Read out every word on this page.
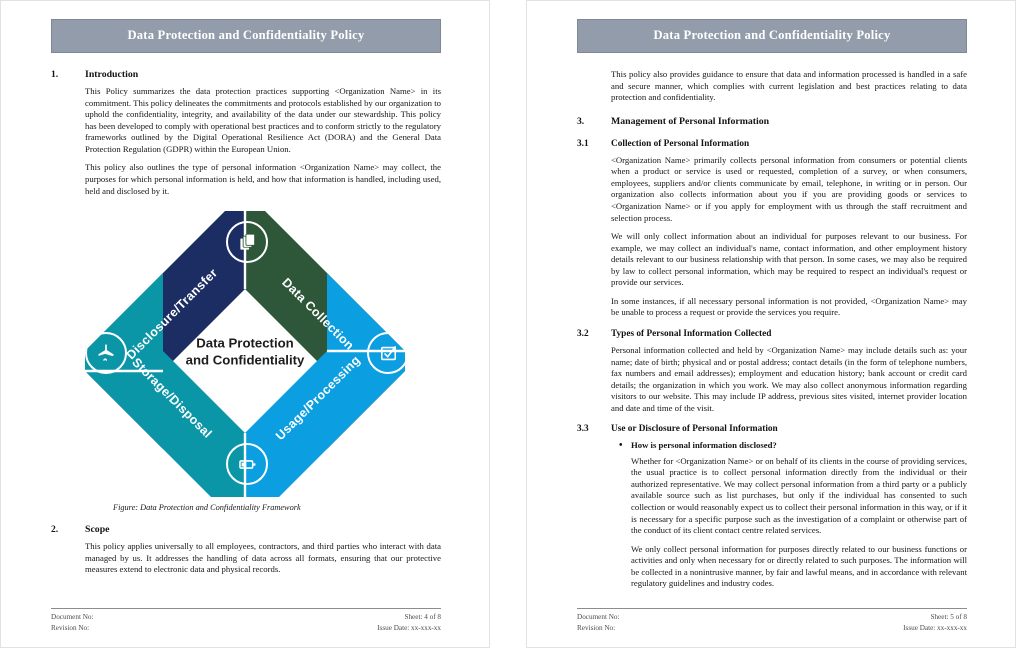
Data Protection and Confidentiality Policy
1.	Introduction

This Policy summarizes the data protection practices supporting <Organization Name> in its commitment. This policy delineates the commitments and protocols established by our organization to uphold the confidentiality, integrity, and availability of the data under our stewardship. This policy has been developed to comply with operational best practices and to conform strictly to the regulatory frameworks outlined by the Digital Operational Resilience Act (DORA) and the General Data Protection Regulation (GDPR) within the European Union.

This policy also outlines the type of personal information <Organization Name> may collect, the purposes for which personal information is held, and how that information is handled, including used, held and disclosed by it.

Disclosure/Transfer	Data Collection
Usage/Processing
Storage/Disposal
Data Protection
and Confidentiality
Figure: Data Protection and Confidentiality Framework
2.	Scope

This policy applies universally to all employees, contractors, and third parties who interact with data managed by us. It addresses the handling of data across all formats, ensuring that our protective measures extend to electronic data and physical records.

Document No:
Revision No:
Sheet: 4 of 8
Issue Date: xx-xxx-xx
Data Protection and Confidentiality Policy

This policy also provides guidance to ensure that data and information processed is handled in a safe and secure manner, which complies with current legislation and best practices relating to data protection and confidentiality.

3.	Management of Personal Information
3.1	Collection of Personal Information

<Organization Name> primarily collects personal information from consumers or potential clients when a product or service is used or requested, completion of a survey, or when consumers, employees, suppliers and/or clients communicate by email, telephone, in writing or in person. Our organization also collects information about you if you are providing goods or services to <Organization Name> or if you apply for employment with us through the staff recruitment and selection process.

We will only collect information about an individual for purposes relevant to our business. For example, we may collect an individual's name, contact information, and other employment history details relevant to our business relationship with that person. In some cases, we may also be required by law to collect personal information, which may be required to respect an individual's request or provide our services.

In some instances, if all necessary personal information is not provided, <Organization Name> may be unable to process a request or provide the services you require.

3.2	Types of Personal Information Collected

Personal information collected and held by <Organization Name> may include details such as: your name; date of birth; physical and or postal address; contact details (in the form of telephone numbers, fax numbers and email addresses); employment and education history; bank account or credit card details; the organization in which you work. We may also collect anonymous information regarding visitors to our website. This may include IP address, previous sites visited, internet provider location and date and time of the visit.

3.3	Use or Disclosure of Personal Information
• How is personal information disclosed?

Whether for <Organization Name> or on behalf of its clients in the course of providing services, the usual practice is to collect personal information directly from the individual or their authorized representative. We may collect personal information from a third party or a publicly available source such as list purchases, but only if the individual has consented to such collection or would reasonably expect us to collect their personal information in this way, or if it is necessary for a specific purpose such as the investigation of a complaint or otherwise part of the conduct of its client contact centre related services.

We only collect personal information for purposes directly related to our business functions or activities and only when necessary for or directly related to such purposes. The information will be collected in a nonintrusive manner, by fair and lawful means, and in accordance with relevant regulatory guidelines and industry codes.

Document No:
Revision No:
Sheet: 5 of 8
Issue Date: xx-xxx-xx
